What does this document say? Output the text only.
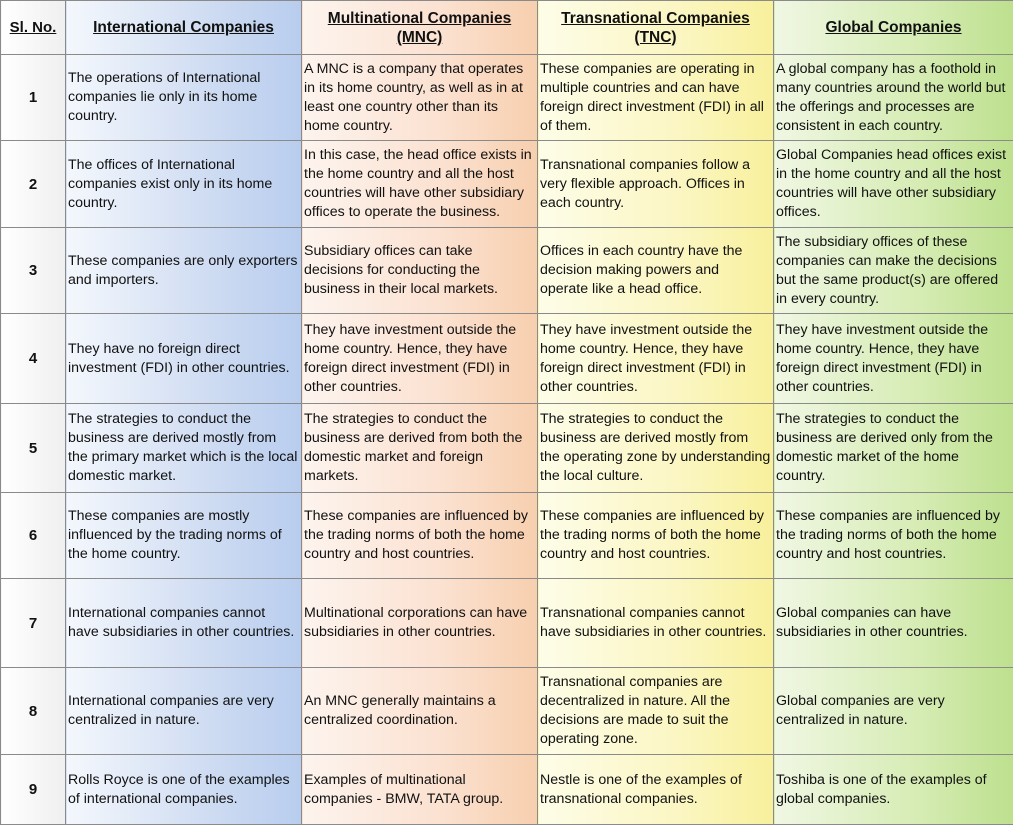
Sl. No.	International Companies	Multinational Companies (MNC)	Transnational Companies (TNC)	Global Companies
1	The operations of International companies lie only in its home country.	A MNC is a company that operates in its home country, as well as in at least one country other than its home country.	These companies are operating in multiple countries and can have foreign direct investment (FDI) in all of them.	A global company has a foothold in many countries around the world but the offerings and processes are consistent in each country.
2	The offices of International companies exist only in its home country.	In this case, the head office exists in the home country and all the host countries will have other subsidiary offices to operate the business.	Transnational companies follow a very flexible approach. Offices in each country.	Global Companies head offices exist in the home country and all the host countries will have other subsidiary offices.
3	These companies are only exporters and importers.	Subsidiary offices can take decisions for conducting the business in their local markets.	Offices in each country have the decision making powers and operate like a head office.	The subsidiary offices of these companies can make the decisions but the same product(s) are offered in every country.
4	They have no foreign direct investment (FDI) in other countries.	They have investment outside the home country. Hence, they have foreign direct investment (FDI) in other countries.	They have investment outside the home country. Hence, they have foreign direct investment (FDI) in other countries.	They have investment outside the home country. Hence, they have foreign direct investment (FDI) in other countries.
5	The strategies to conduct the business are derived mostly from the primary market which is the local domestic market.	The strategies to conduct the business are derived from both the domestic market and foreign markets.	The strategies to conduct the business are derived mostly from the operating zone by understanding the local culture.	The strategies to conduct the business are derived only from the domestic market of the home country.
6	These companies are mostly influenced by the trading norms of the home country.	These companies are influenced by the trading norms of both the home country and host countries.	These companies are influenced by the trading norms of both the home country and host countries.	These companies are influenced by the trading norms of both the home country and host countries.
7	International companies cannot have subsidiaries in other countries.	Multinational corporations can have subsidiaries in other countries.	Transnational companies cannot have subsidiaries in other countries.	Global companies can have subsidiaries in other countries.
8	International companies are very centralized in nature.	An MNC generally maintains a centralized coordination.	Transnational companies are decentralized in nature. All the decisions are made to suit the operating zone.	Global companies are very centralized in nature.
9	Rolls Royce is one of the examples of international companies.	Examples of multinational companies - BMW, TATA group.	Nestle is one of the examples of transnational companies.	Toshiba is one of the examples of global companies.
